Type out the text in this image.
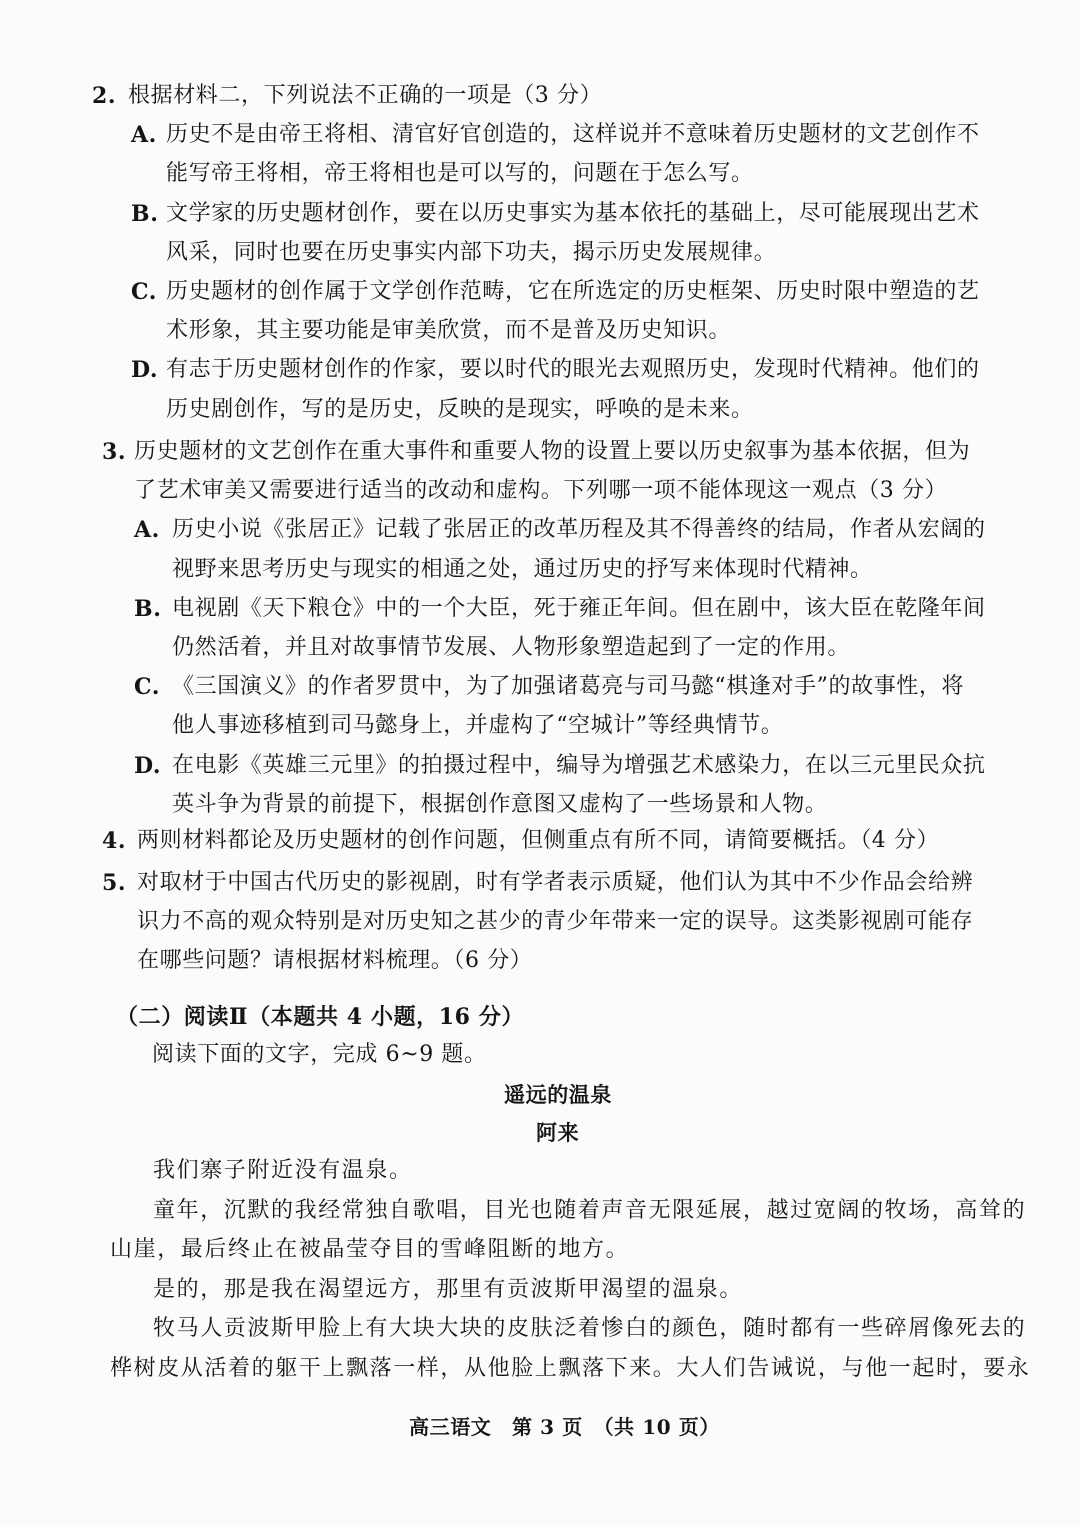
2. 根据材料二，下列说法不正确的一项是（3 分）
A. 历史不是由帝王将相、清官好官创造的，这样说并不意味着历史题材的文艺创作不
能写帝王将相，帝王将相也是可以写的，问题在于怎么写。
B. 文学家的历史题材创作，要在以历史事实为基本依托的基础上，尽可能展现出艺术
风采，同时也要在历史事实内部下功夫，揭示历史发展规律。
C. 历史题材的创作属于文学创作范畴，它在所选定的历史框架、历史时限中塑造的艺
术形象，其主要功能是审美欣赏，而不是普及历史知识。
D. 有志于历史题材创作的作家，要以时代的眼光去观照历史，发现时代精神。他们的
历史剧创作，写的是历史，反映的是现实，呼唤的是未来。
3. 历史题材的文艺创作在重大事件和重要人物的设置上要以历史叙事为基本依据，但为
了艺术审美又需要进行适当的改动和虚构。下列哪一项不能体现这一观点（3 分）
A. 历史小说《张居正》记载了张居正的改革历程及其不得善终的结局，作者从宏阔的
视野来思考历史与现实的相通之处，通过历史的抒写来体现时代精神。
B. 电视剧《天下粮仓》中的一个大臣，死于雍正年间。但在剧中，该大臣在乾隆年间
仍然活着，并且对故事情节发展、人物形象塑造起到了一定的作用。
C. 《三国演义》的作者罗贯中，为了加强诸葛亮与司马懿“棋逢对手”的故事性，将
他人事迹移植到司马懿身上，并虚构了“空城计”等经典情节。
D. 在电影《英雄三元里》的拍摄过程中，编导为增强艺术感染力，在以三元里民众抗
英斗争为背景的前提下，根据创作意图又虚构了一些场景和人物。
4. 两则材料都论及历史题材的创作问题，但侧重点有所不同，请简要概括。（4 分）
5. 对取材于中国古代历史的影视剧，时有学者表示质疑，他们认为其中不少作品会给辨
识力不高的观众特别是对历史知之甚少的青少年带来一定的误导。这类影视剧可能存
在哪些问题？请根据材料梳理。（6 分）
（二）阅读Ⅱ（本题共 4 小题，16 分）
阅读下面的文字，完成 6~9 题。
遥远的温泉
阿来
我们寨子附近没有温泉。
童年，沉默的我经常独自歌唱，目光也随着声音无限延展，越过宽阔的牧场，高耸的
山崖，最后终止在被晶莹夺目的雪峰阻断的地方。
是的，那是我在渴望远方，那里有贡波斯甲渴望的温泉。
牧马人贡波斯甲脸上有大块大块的皮肤泛着惨白的颜色，随时都有一些碎屑像死去的
桦树皮从活着的躯干上飘落一样，从他脸上飘落下来。大人们告诫说，与他一起时，要永
高三语文　第 3 页　（共 10 页）
